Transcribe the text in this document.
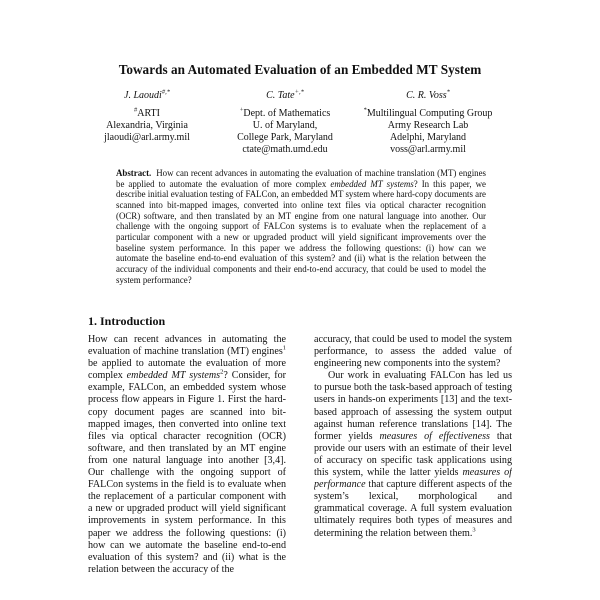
Towards an Automated Evaluation of an Embedded MT System
J. Laoudi#,*
#ARTI
Alexandria, Virginia
jlaoudi@arl.army.mil
C. Tate+,*
+Dept. of Mathematics
U. of Maryland,
College Park, Maryland
ctate@math.umd.edu
C. R. Voss*
*Multilingual Computing Group
Army Research Lab
Adelphi, Maryland
voss@arl.army.mil
Abstract. How can recent advances in automating the evaluation of machine translation (MT) engines be applied to automate the evaluation of more complex embedded MT systems? In this paper, we describe initial evaluation testing of FALCon, an embedded MT system where hard-copy documents are scanned into bit-mapped images, converted into online text files via optical character recognition (OCR) software, and then translated by an MT engine from one natural language into another. Our challenge with the ongoing support of FALCon systems is to evaluate when the replacement of a particular component with a new or upgraded product will yield significant improvements over the baseline system performance. In this paper we address the following questions: (i) how can we automate the baseline end-to-end evaluation of this system? and (ii) what is the relation between the accuracy of the individual components and their end-to-end accuracy, that could be used to model the system performance?
1. Introduction

How can recent advances in automating the evaluation of machine translation (MT) engines$^1$ be applied to automate the evaluation of more complex embedded MT systems$^2$? Consider, for example, FALCon, an embedded system whose process flow appears in Figure 1. First the hard-copy document pages are scanned into bit-mapped images, then converted into online text files via optical character recognition (OCR) software, and then translated by an MT engine from one natural language into another [3,4]. Our challenge with the ongoing support of FALCon systems in the field is to evaluate when the replacement of a particular component with a new or upgraded product will yield significant improvements in system performance. In this paper we address the following questions: (i) how can we automate the baseline end-to-end evaluation of this system? and (ii) what is the relation between the accuracy of the

accuracy, that could be used to model the system performance, to assess the added value of engineering new components into the system?

Our work in evaluating FALCon has led us to pursue both the task-based approach of testing users in hands-on experiments [13] and the text-based approach of assessing the system output against human reference translations [14]. The former yields measures of effectiveness that provide our users with an estimate of their level of accuracy on specific task applications using this system, while the latter yields measures of performance that capture different aspects of the system’s lexical, morphological and grammatical coverage. A full system evaluation ultimately requires both types of measures and determining the relation between them.$^3$
